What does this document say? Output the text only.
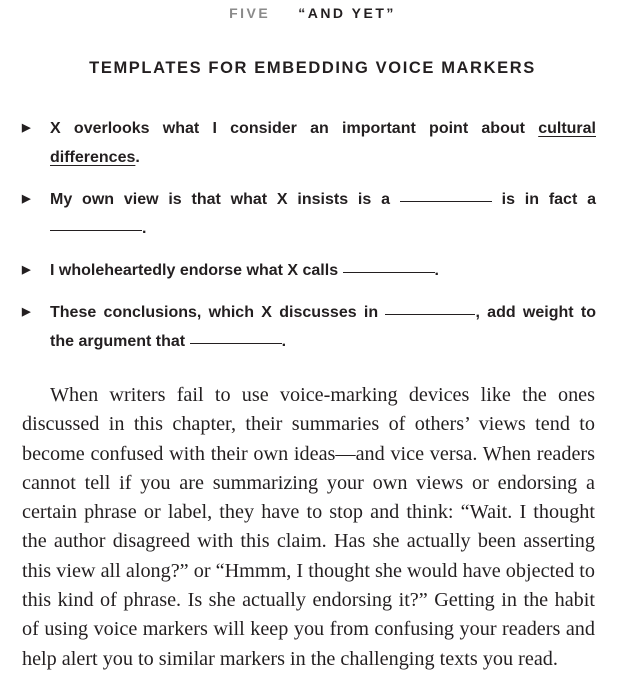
FIVE “AND YET”
TEMPLATES FOR EMBEDDING VOICE MARKERS
▶ X overlooks what I consider an important point about cultural differences.
▶ My own view is that what X insists is a	is in fact a .
▶ I wholeheartedly endorse what X calls	.
▶ These conclusions, which X discusses in	, add weight to the argument that	.

When writers fail to use voice-marking devices like the ones discussed in this chapter, their summaries of others’ views tend to become confused with their own ideas—and vice versa. When readers cannot tell if you are summarizing your own views or endorsing a certain phrase or label, they have to stop and think: “Wait. I thought the author disagreed with this claim. Has she actually been asserting this view all along?” or “Hmmm, I thought she would have objected to this kind of phrase. Is she actually endorsing it?” Getting in the habit of using voice markers will keep you from confusing your readers and help alert you to similar markers in the challenging texts you read.
